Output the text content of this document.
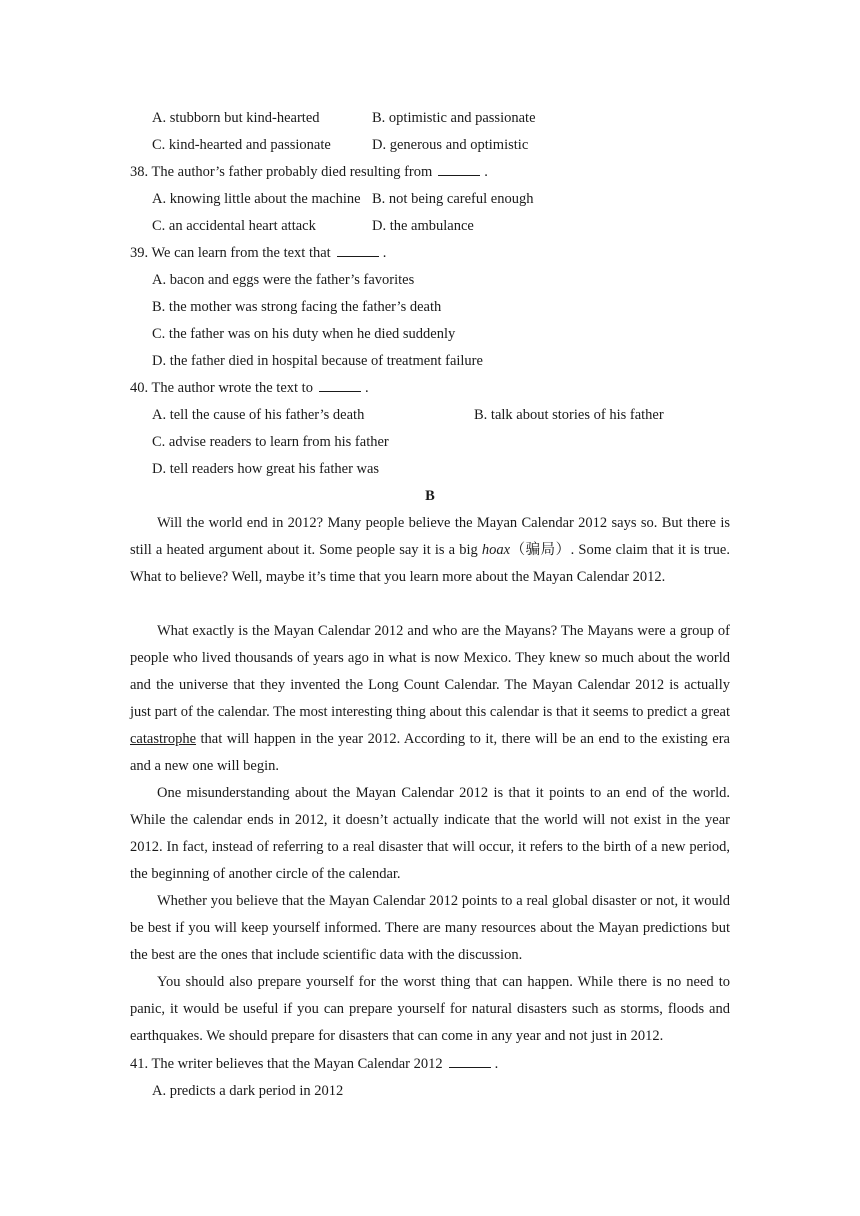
A. stubborn but kind-hearted	B. optimistic and passionate
C. kind-hearted and passionate	D. generous and optimistic
38. The author’s father probably died resulting from	.
A. knowing little about the machine B. not being careful enough
C. an accidental heart attack	D. the ambulance
39. We can learn from the text that	.
A. bacon and eggs were the father’s favorites
B. the mother was strong facing the father’s death
C. the father was on his duty when he died suddenly
D. the father died in hospital because of treatment failure
40. The author wrote the text to	.
A. tell the cause of his father’s death	B. talk about stories of his father
C. advise readers to learn from his father
D. tell readers how great his father was
B
Will the world end in 2012? Many people believe the Mayan Calendar 2012 says so. But there is still a heated argument about it. Some people say it is a big hoax（骗局）. Some claim that it is true. What to believe? Well, maybe it’s time that you learn more about the Mayan Calendar 2012.
What exactly is the Mayan Calendar 2012 and who are the Mayans? The Mayans were a group of people who lived thousands of years ago in what is now Mexico. They knew so much about the world and the universe that they invented the Long Count Calendar. The Mayan Calendar 2012 is actually just part of the calendar. The most interesting thing about this calendar is that it seems to predict a great catastrophe that will happen in the year 2012. According to it, there will be an end to the existing era and a new one will begin.
One misunderstanding about the Mayan Calendar 2012 is that it points to an end of the world. While the calendar ends in 2012, it doesn’t actually indicate that the world will not exist in the year 2012. In fact, instead of referring to a real disaster that will occur, it refers to the birth of a new period, the beginning of another circle of the calendar.
Whether you believe that the Mayan Calendar 2012 points to a real global disaster or not, it would be best if you will keep yourself informed. There are many resources about the Mayan predictions but the best are the ones that include scientific data with the discussion.
You should also prepare yourself for the worst thing that can happen. While there is no need to panic, it would be useful if you can prepare yourself for natural disasters such as storms, floods and earthquakes. We should prepare for disasters that can come in any year and not just in 2012.
41. The writer believes that the Mayan Calendar 2012	.
A. predicts a dark period in 2012
